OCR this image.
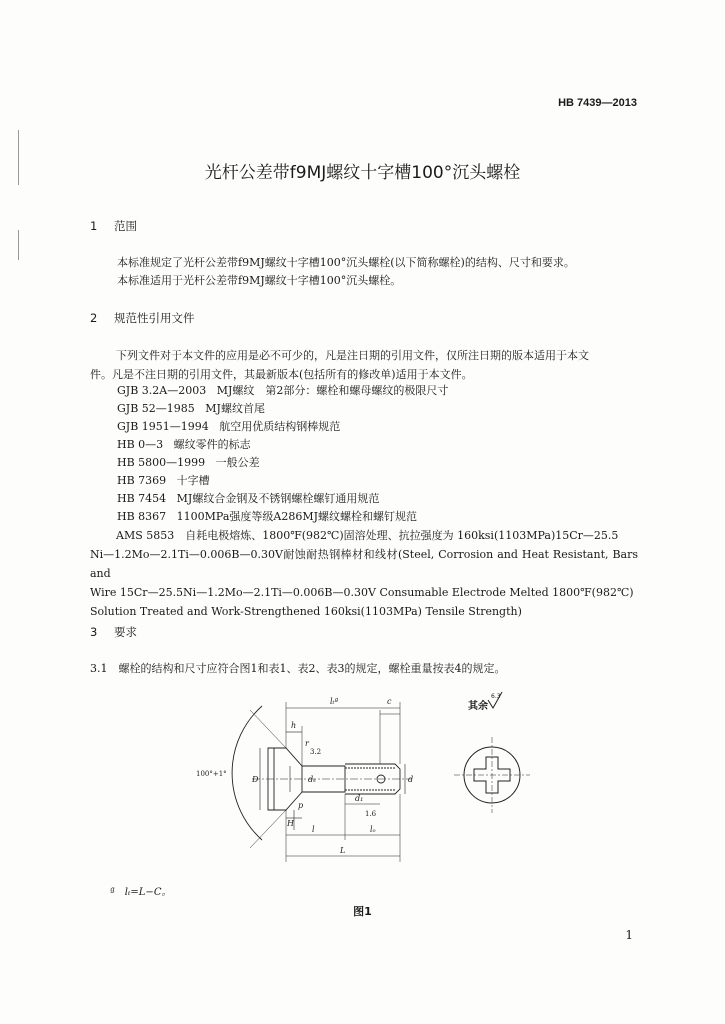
HB 7439—2013
光杆公差带f9MJ螺纹十字槽100°沉头螺栓
1 范围
本标准规定了光杆公差带f9MJ螺纹十字槽100°沉头螺栓(以下简称螺栓)的结构、尺寸和要求。
本标准适用于光杆公差带f9MJ螺纹十字槽100°沉头螺栓。
2 规范性引用文件
下列文件对于本文件的应用是必不可少的，凡是注日期的引用文件，仅所注日期的版本适用于本文
件。凡是不注日期的引用文件，其最新版本(包括所有的修改单)适用于本文件。
GJB 3.2A—2003 MJ螺纹　第2部分：螺栓和螺母螺纹的极限尺寸
GJB 52—1985 MJ螺纹首尾
GJB 1951—1994 航空用优质结构钢棒规范
HB 0—3 螺纹零件的标志
HB 5800—1999 一般公差
HB 7369 十字槽
HB 7454 MJ螺纹合金钢及不锈钢螺栓螺钉通用规范
HB 8367 1100MPa强度等级A286MJ螺纹螺栓和螺钉规范
AMS 5853　自耗电极熔炼、1800℉(982℃)固溶处理、抗拉强度为 160ksi(1103MPa)15Cr—25.5
Ni—1.2Mo—2.1Ti—0.006B—0.30V耐蚀耐热钢棒材和线材(Steel, Corrosion and Heat Resistant, Bars and
Wire 15Cr—25.5Ni—1.2Mo—2.1Ti—0.006B—0.30V Consumable Electrode Melted 1800℉(982℃)
Solution Treated and Work-Strengthened 160ksi(1103MPa) Tensile Strength)
3 要求
3.1　螺栓的结构和尺寸应符合图1和表1、表2、表3的规定，螺栓重量按表4的规定。
lₜª	c
h
r
3.2
D	dₛ	d
d₁
p
1.6
H
l	lₒ
L
100°+1°
其余
6.3
ª　lₜ=L−C。
图1
1
